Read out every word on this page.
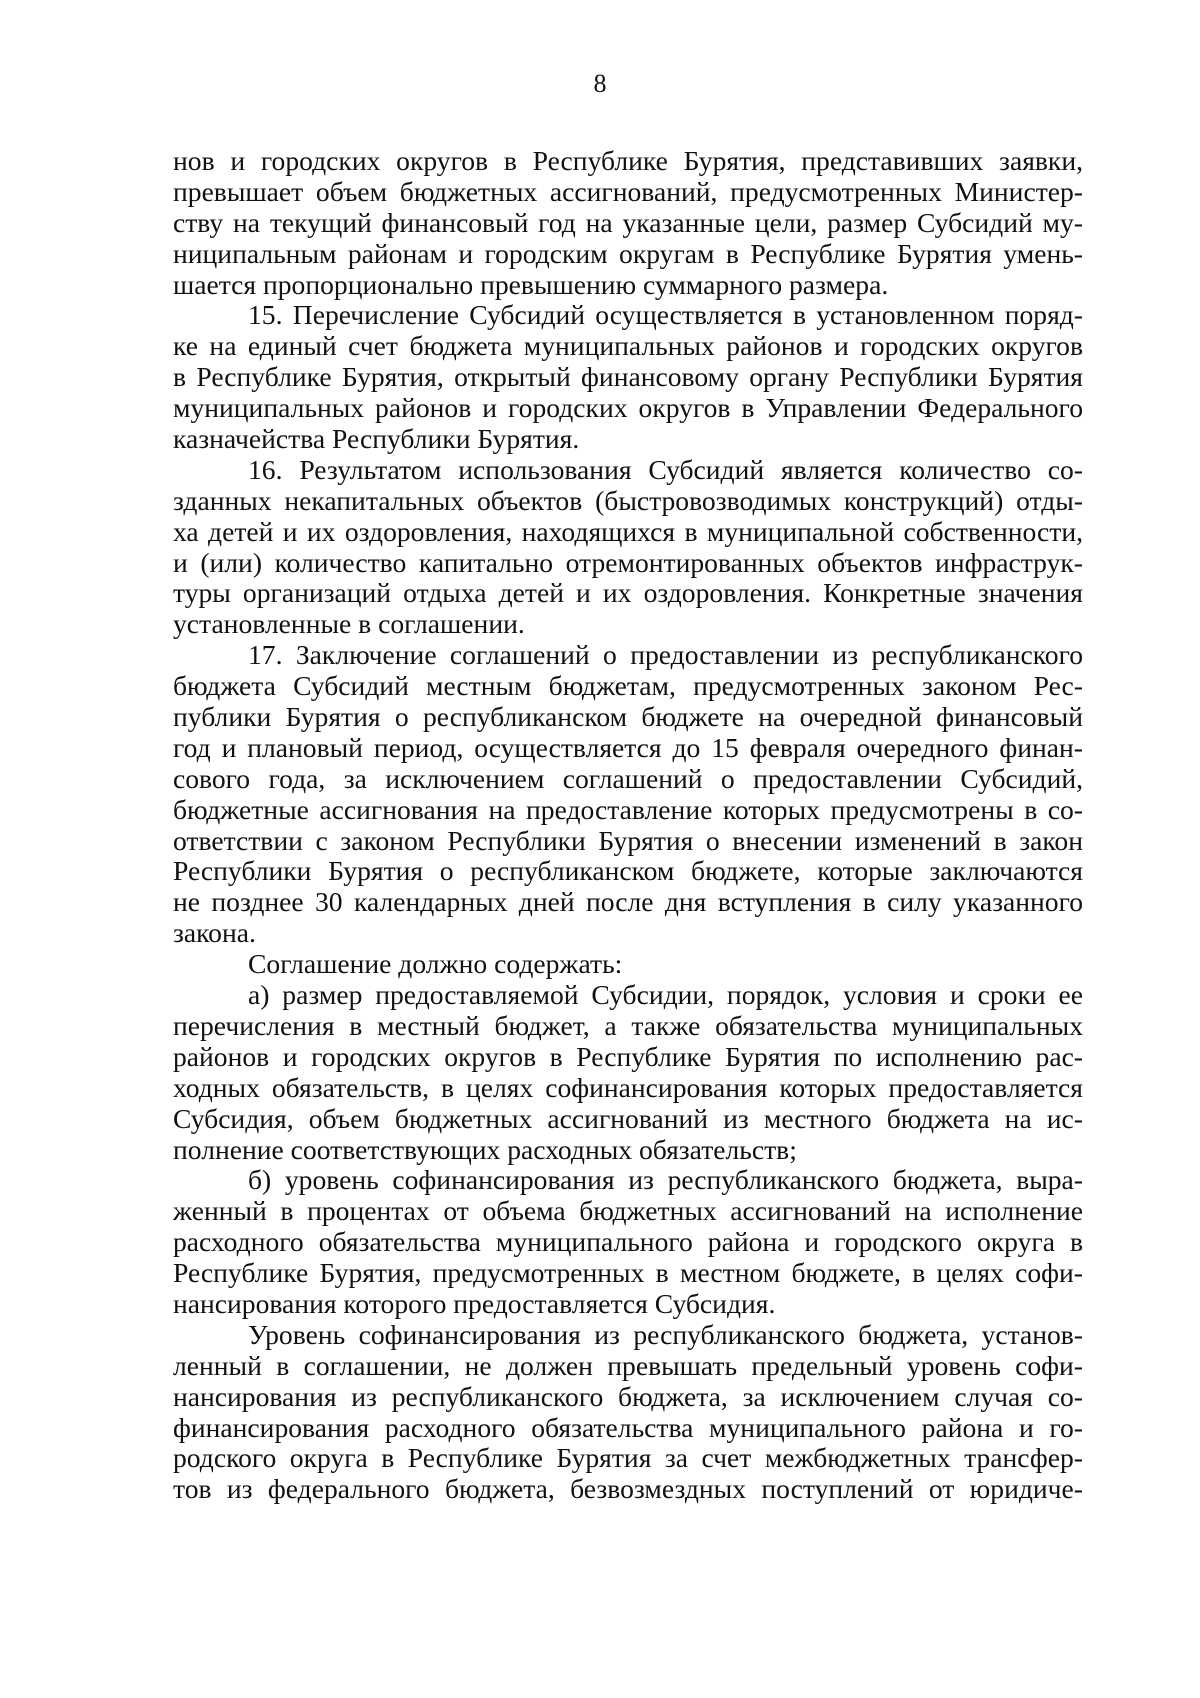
8
нов и городских округов в Республике Бурятия, представивших заявки,
превышает объем бюджетных ассигнований, предусмотренных Министер-
ству на текущий финансовый год на указанные цели, размер Субсидий му-
ниципальным районам и городским округам в Республике Бурятия умень-
шается пропорционально превышению суммарного размера.
15. Перечисление Субсидий осуществляется в установленном поряд-
ке на единый счет бюджета муниципальных районов и городских округов
в Республике Бурятия, открытый финансовому органу Республики Бурятия
муниципальных районов и городских округов в Управлении Федерального
казначейства Республики Бурятия.
16. Результатом использования Субсидий является количество со-
зданных некапитальных объектов (быстровозводимых конструкций) отды-
ха детей и их оздоровления, находящихся в муниципальной собственности,
и (или) количество капитально отремонтированных объектов инфраструк-
туры организаций отдыха детей и их оздоровления. Конкретные значения
установленные в соглашении.
17. Заключение соглашений о предоставлении из республиканского
бюджета Субсидий местным бюджетам, предусмотренных законом Рес-
публики Бурятия о республиканском бюджете на очередной финансовый
год и плановый период, осуществляется до 15 февраля очередного финан-
сового года, за исключением соглашений о предоставлении Субсидий,
бюджетные ассигнования на предоставление которых предусмотрены в со-
ответствии с законом Республики Бурятия о внесении изменений в закон
Республики Бурятия о республиканском бюджете, которые заключаются
не позднее 30 календарных дней после дня вступления в силу указанного
закона.
Соглашение должно содержать:
а) размер предоставляемой Субсидии, порядок, условия и сроки ее
перечисления в местный бюджет, а также обязательства муниципальных
районов и городских округов в Республике Бурятия по исполнению рас-
ходных обязательств, в целях софинансирования которых предоставляется
Субсидия, объем бюджетных ассигнований из местного бюджета на ис-
полнение соответствующих расходных обязательств;
б) уровень софинансирования из республиканского бюджета, выра-
женный в процентах от объема бюджетных ассигнований на исполнение
расходного обязательства муниципального района и городского округа в
Республике Бурятия, предусмотренных в местном бюджете, в целях софи-
нансирования которого предоставляется Субсидия.
Уровень софинансирования из республиканского бюджета, установ-
ленный в соглашении, не должен превышать предельный уровень софи-
нансирования из республиканского бюджета, за исключением случая со-
финансирования расходного обязательства муниципального района и го-
родского округа в Республике Бурятия за счет межбюджетных трансфер-
тов из федерального бюджета, безвозмездных поступлений от юридиче-
